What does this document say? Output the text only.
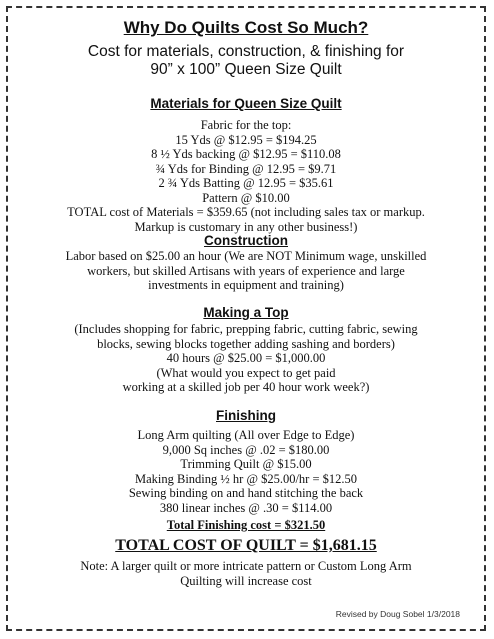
Why Do Quilts Cost So Much?
Cost for materials, construction, & finishing for
90” x 100” Queen Size Quilt
Materials for Queen Size Quilt
Fabric for the top:
15 Yds @ $12.95 = $194.25
8 ½ Yds backing @ $12.95 = $110.08
¾ Yds for Binding @ 12.95 = $9.71
2 ¾ Yds Batting @ 12.95 = $35.61
Pattern @ $10.00
TOTAL cost of Materials = $359.65 (not including sales tax or markup.
Markup is customary in any other business!)
Construction
Labor based on $25.00 an hour (We are NOT Minimum wage, unskilled
workers, but skilled Artisans with years of experience and large
investments in equipment and training)
Making a Top
(Includes shopping for fabric, prepping fabric, cutting fabric, sewing
blocks, sewing blocks together adding sashing and borders)
40 hours @ $25.00 = $1,000.00
(What would you expect to get paid
working at a skilled job per 40 hour work week?)
Finishing
Long Arm quilting (All over Edge to Edge)
9,000 Sq inches @ .02 = $180.00
Trimming Quilt @ $15.00
Making Binding ½ hr @ $25.00/hr = $12.50
Sewing binding on and hand stitching the back
380 linear inches @ .30 = $114.00
Total Finishing cost = $321.50
TOTAL COST OF QUILT = $1,681.15
Note: A larger quilt or more intricate pattern or Custom Long Arm
Quilting will increase cost
Revised by Doug Sobel 1/3/2018
